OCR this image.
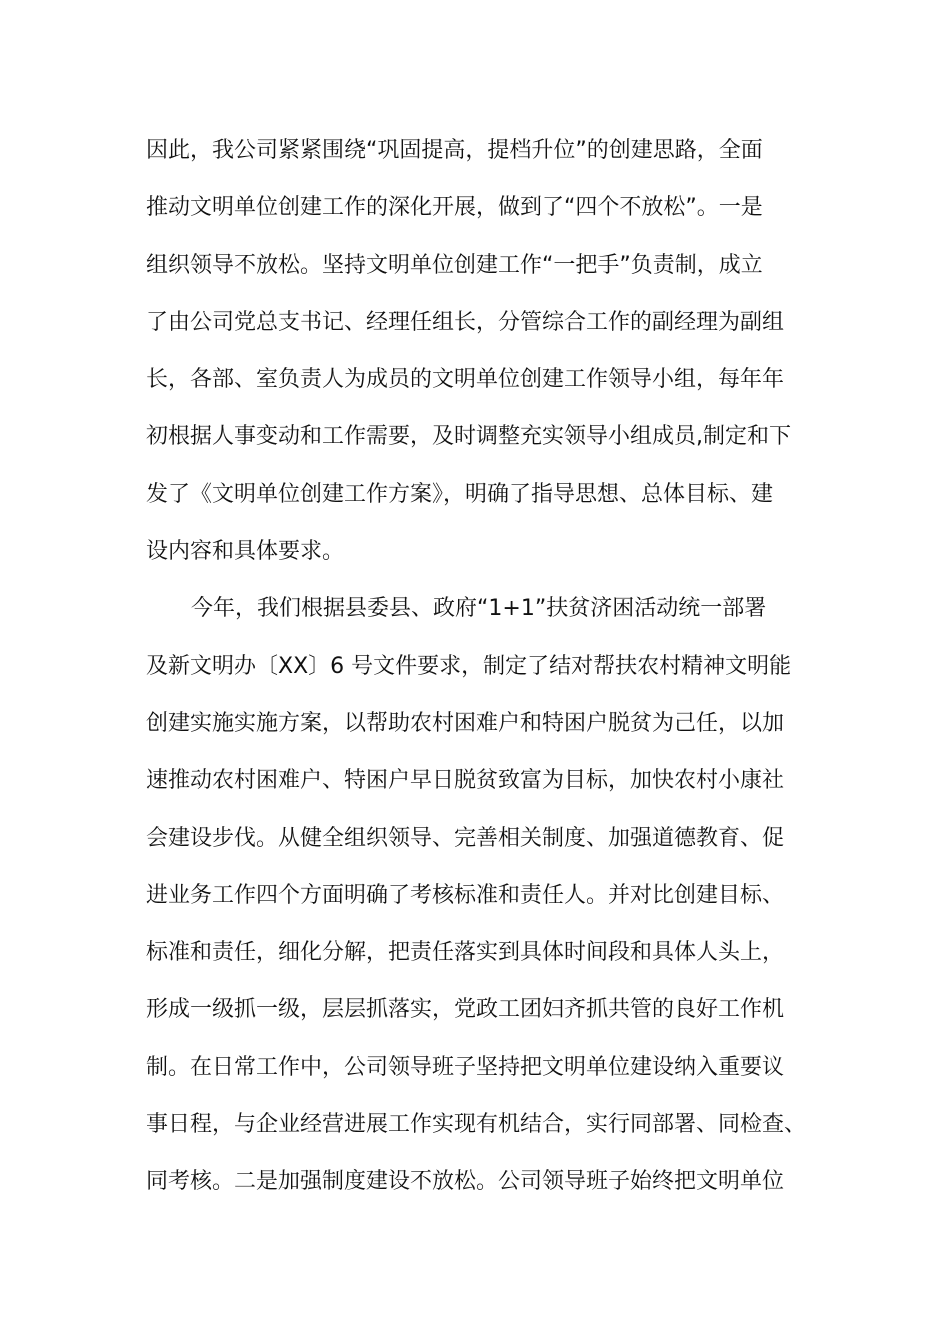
因此，我公司紧紧围绕“巩固提高，提档升位”的创建思路，全面
推动文明单位创建工作的深化开展，做到了“四个不放松”。一是
组织领导不放松。坚持文明单位创建工作“一把手”负责制，成立
了由公司党总支书记、经理任组长，分管综合工作的副经理为副组
长，各部、室负责人为成员的文明单位创建工作领导小组，每年年
初根据人事变动和工作需要，及时调整充实领导小组成员,制定和下
发了《文明单位创建工作方案》，明确了指导思想、总体目标、建
设内容和具体要求。
今年，我们根据县委县、政府“1+1”扶贫济困活动统一部署
及新文明办〔XX〕6 号文件要求，制定了结对帮扶农村精神文明能
创建实施实施方案，以帮助农村困难户和特困户脱贫为己任，以加
速推动农村困难户、特困户早日脱贫致富为目标，加快农村小康社
会建设步伐。从健全组织领导、完善相关制度、加强道德教育、促
进业务工作四个方面明确了考核标准和责任人。并对比创建目标、
标准和责任，细化分解，把责任落实到具体时间段和具体人头上，
形成一级抓一级，层层抓落实，党政工团妇齐抓共管的良好工作机
制。在日常工作中，公司领导班子坚持把文明单位建设纳入重要议
事日程，与企业经营进展工作实现有机结合，实行同部署、同检查、
同考核。二是加强制度建设不放松。公司领导班子始终把文明单位
